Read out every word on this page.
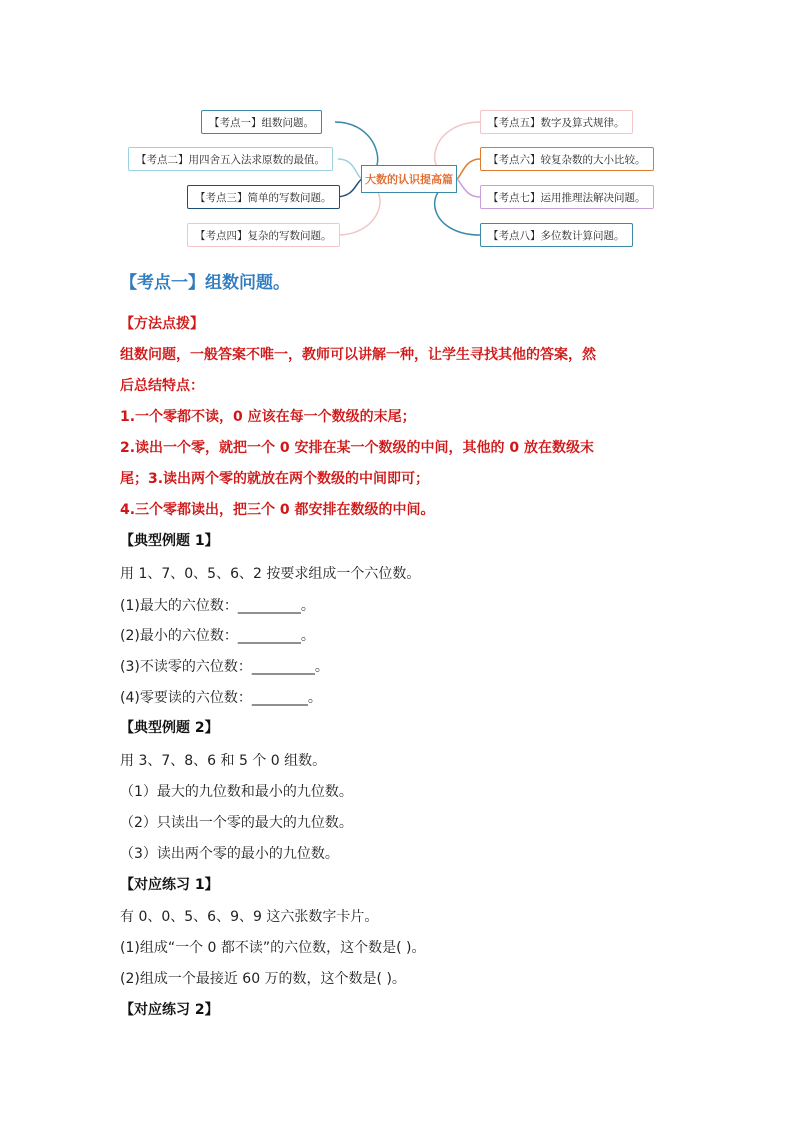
【考点一】组数问题。
【考点二】用四舍五入法求原数的最值。
【考点三】简单的写数问题。
【考点四】复杂的写数问题。
大数的认识提高篇
【考点五】数字及算式规律。
【考点六】较复杂数的大小比较。
【考点七】运用推理法解决问题。
【考点八】多位数计算问题。
【考点一】组数问题。
【方法点拨】
组数问题，一般答案不唯一，教师可以讲解一种，让学生寻找其他的答案，然
后总结特点：
1.一个零都不读，0 应该在每一个数级的末尾；
2.读出一个零，就把一个 0 安排在某一个数级的中间，其他的 0 放在数级末
尾；3.读出两个零的就放在两个数级的中间即可；
4.三个零都读出，把三个 0 都安排在数级的中间。
【典型例题 1】
用 1、7、0、5、6、2 按要求组成一个六位数。
(1)最大的六位数：_________。
(2)最小的六位数：_________。
(3)不读零的六位数：_________。
(4)零要读的六位数：________。
【典型例题 2】
用 3、7、8、6 和 5 个 0 组数。
（1）最大的九位数和最小的九位数。
（2）只读出一个零的最大的九位数。
（3）读出两个零的最小的九位数。
【对应练习 1】
有 0、0、5、6、9、9 这六张数字卡片。
(1)组成“一个 0 都不读”的六位数，这个数是( )。
(2)组成一个最接近 60 万的数，这个数是( )。
【对应练习 2】
